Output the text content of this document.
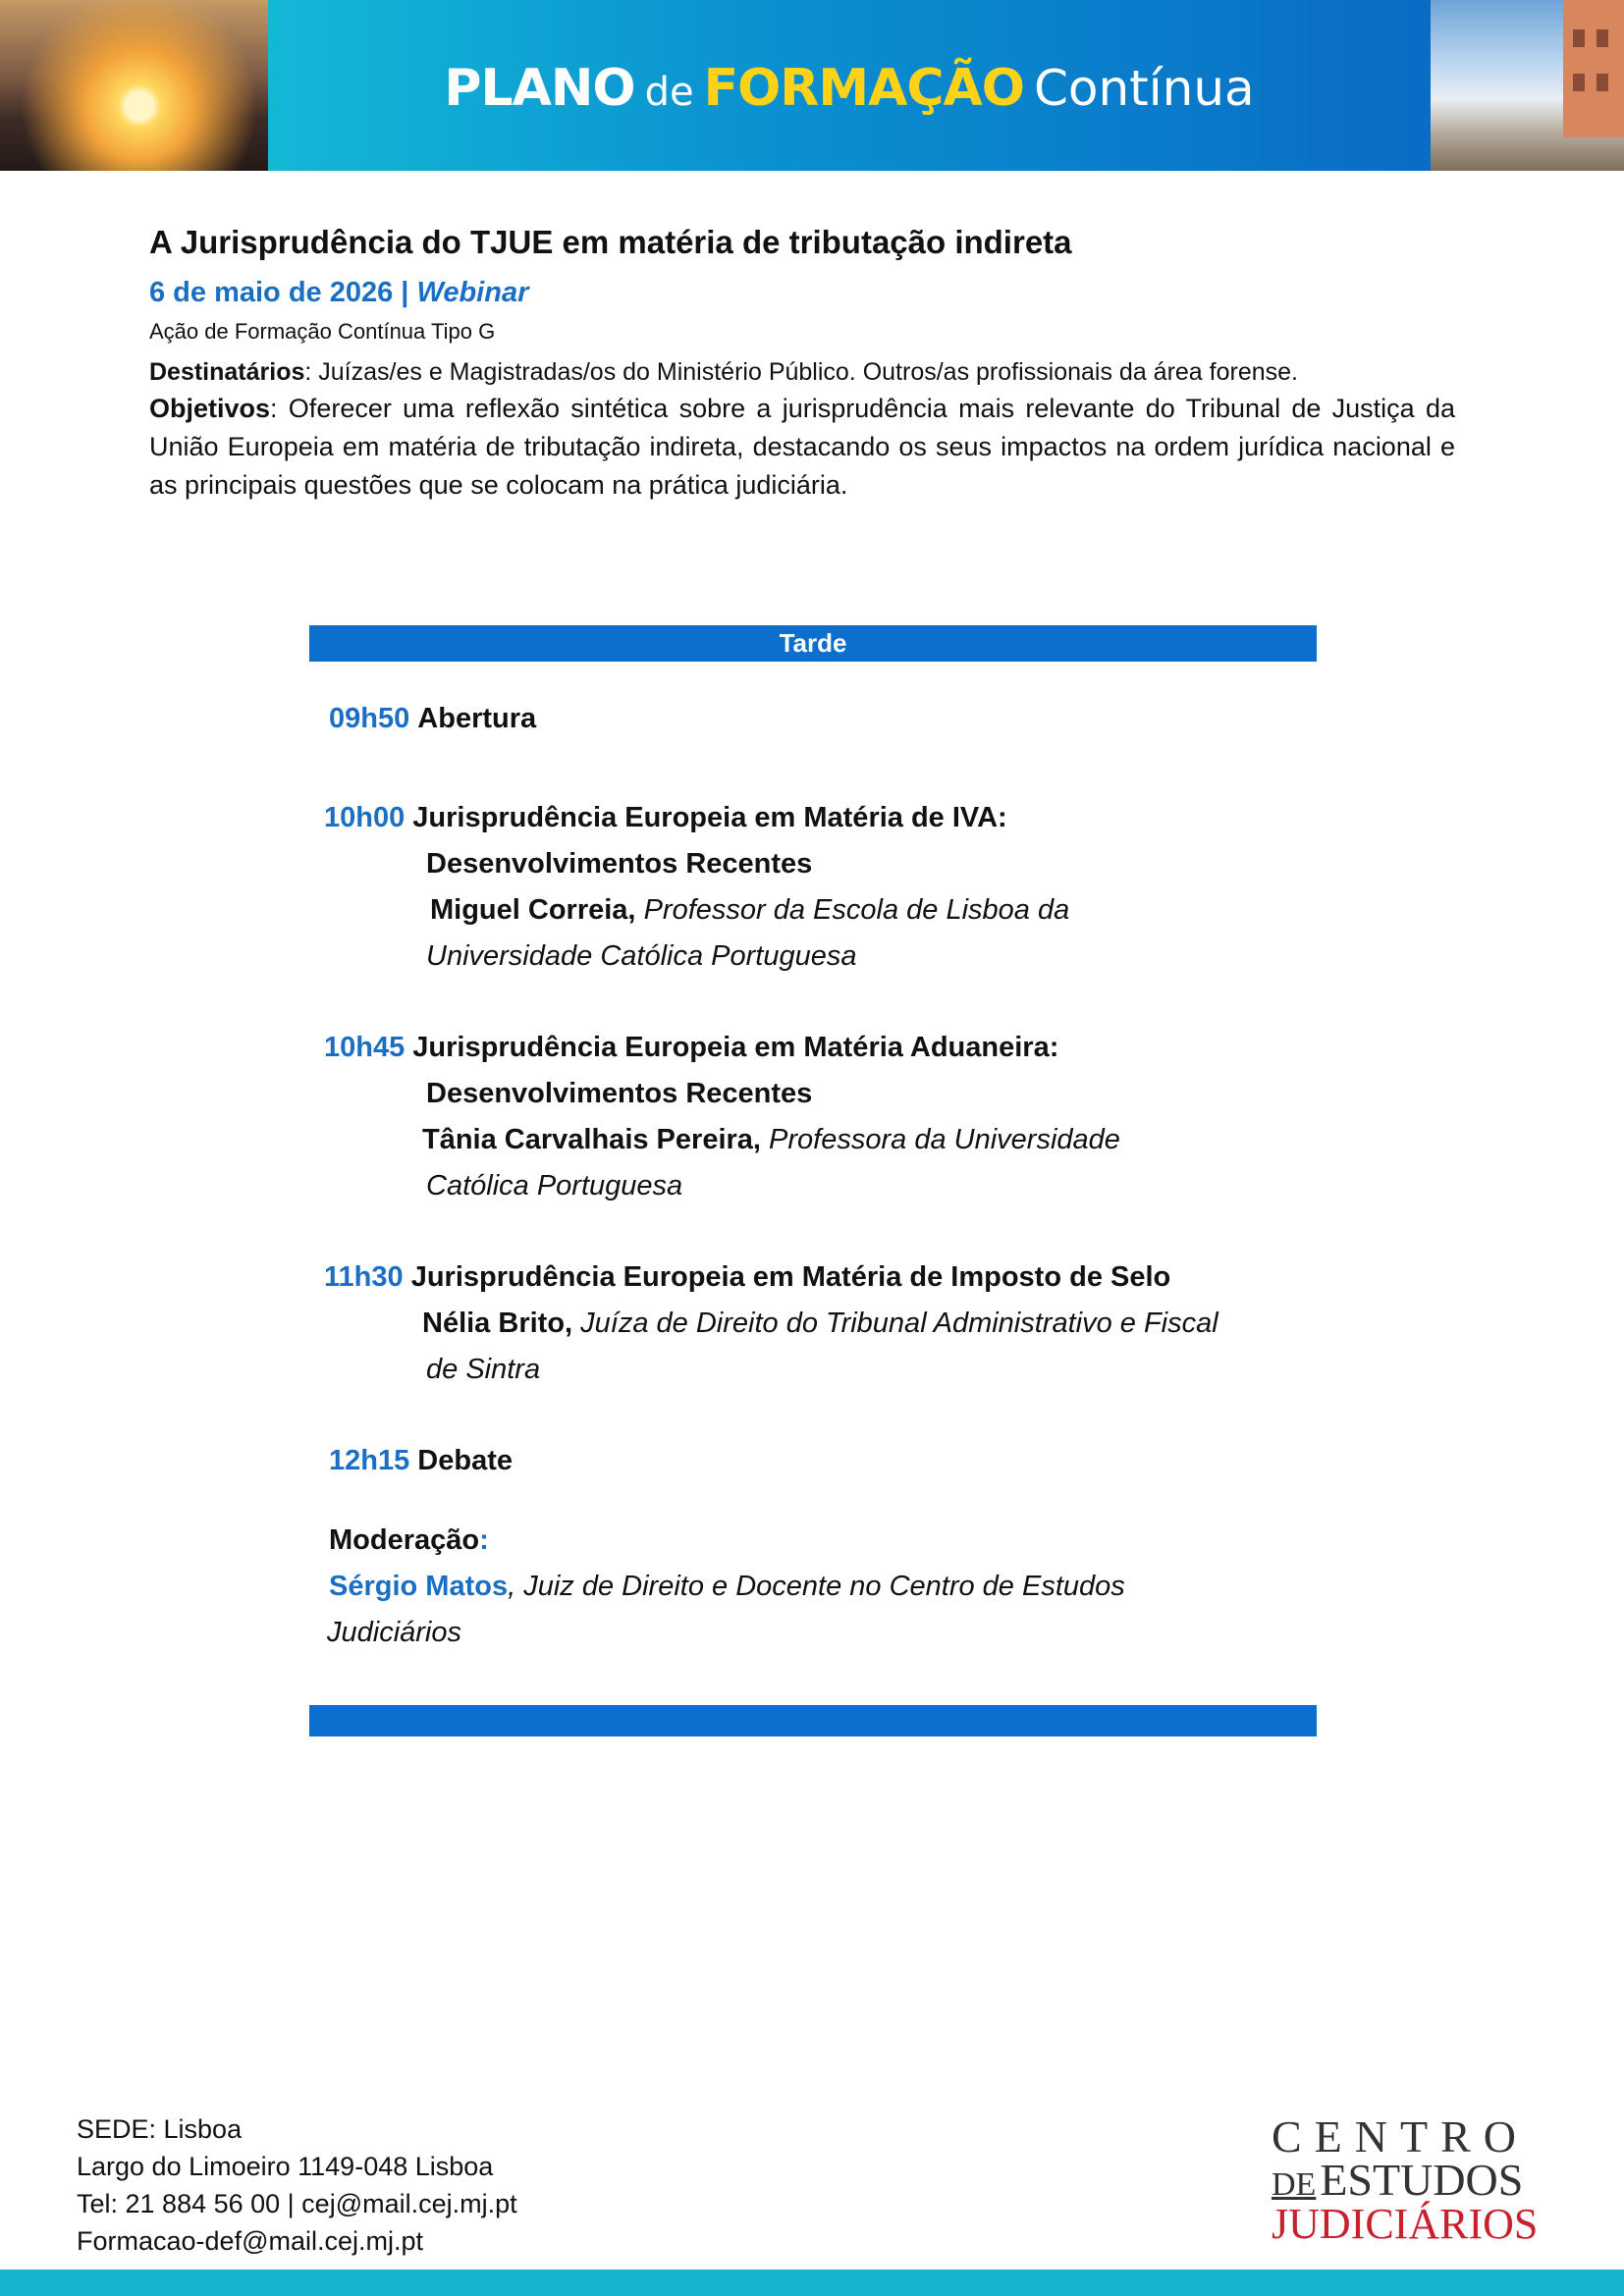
PLANO de FORMAÇÃO Contínua
A Jurisprudência do TJUE em matéria de tributação indireta
6 de maio de 2026 | Webinar
Ação de Formação Contínua Tipo G

Destinatários: Juízas/es e Magistradas/os do Ministério Público. Outros/as profissionais da área forense.

Objetivos: Oferecer uma reflexão sintética sobre a jurisprudência mais relevante do Tribunal de Justiça da União Europeia em matéria de tributação indireta, destacando os seus impactos na ordem jurídica nacional e as principais questões que se colocam na prática judiciária.

Tarde
09h50 Abertura
10h00 Jurisprudência Europeia em Matéria de IVA:
Desenvolvimentos Recentes
Miguel Correia, Professor da Escola de Lisboa da
Universidade Católica Portuguesa
10h45 Jurisprudência Europeia em Matéria Aduaneira:
Desenvolvimentos Recentes
Tânia Carvalhais Pereira, Professora da Universidade
Católica Portuguesa
11h30 Jurisprudência Europeia em Matéria de Imposto de Selo
Nélia Brito, Juíza de Direito do Tribunal Administrativo e Fiscal
de Sintra
12h15 Debate
Moderação:
Sérgio Matos, Juiz de Direito e Docente no Centro de Estudos
Judiciários
SEDE: Lisboa
Largo do Limoeiro 1149-048 Lisboa
Tel: 21 884 56 00 | cej@mail.cej.mj.pt
Formacao-def@mail.cej.mj.pt
CENTRO
DEESTUDOS
JUDICIÁRIOS
